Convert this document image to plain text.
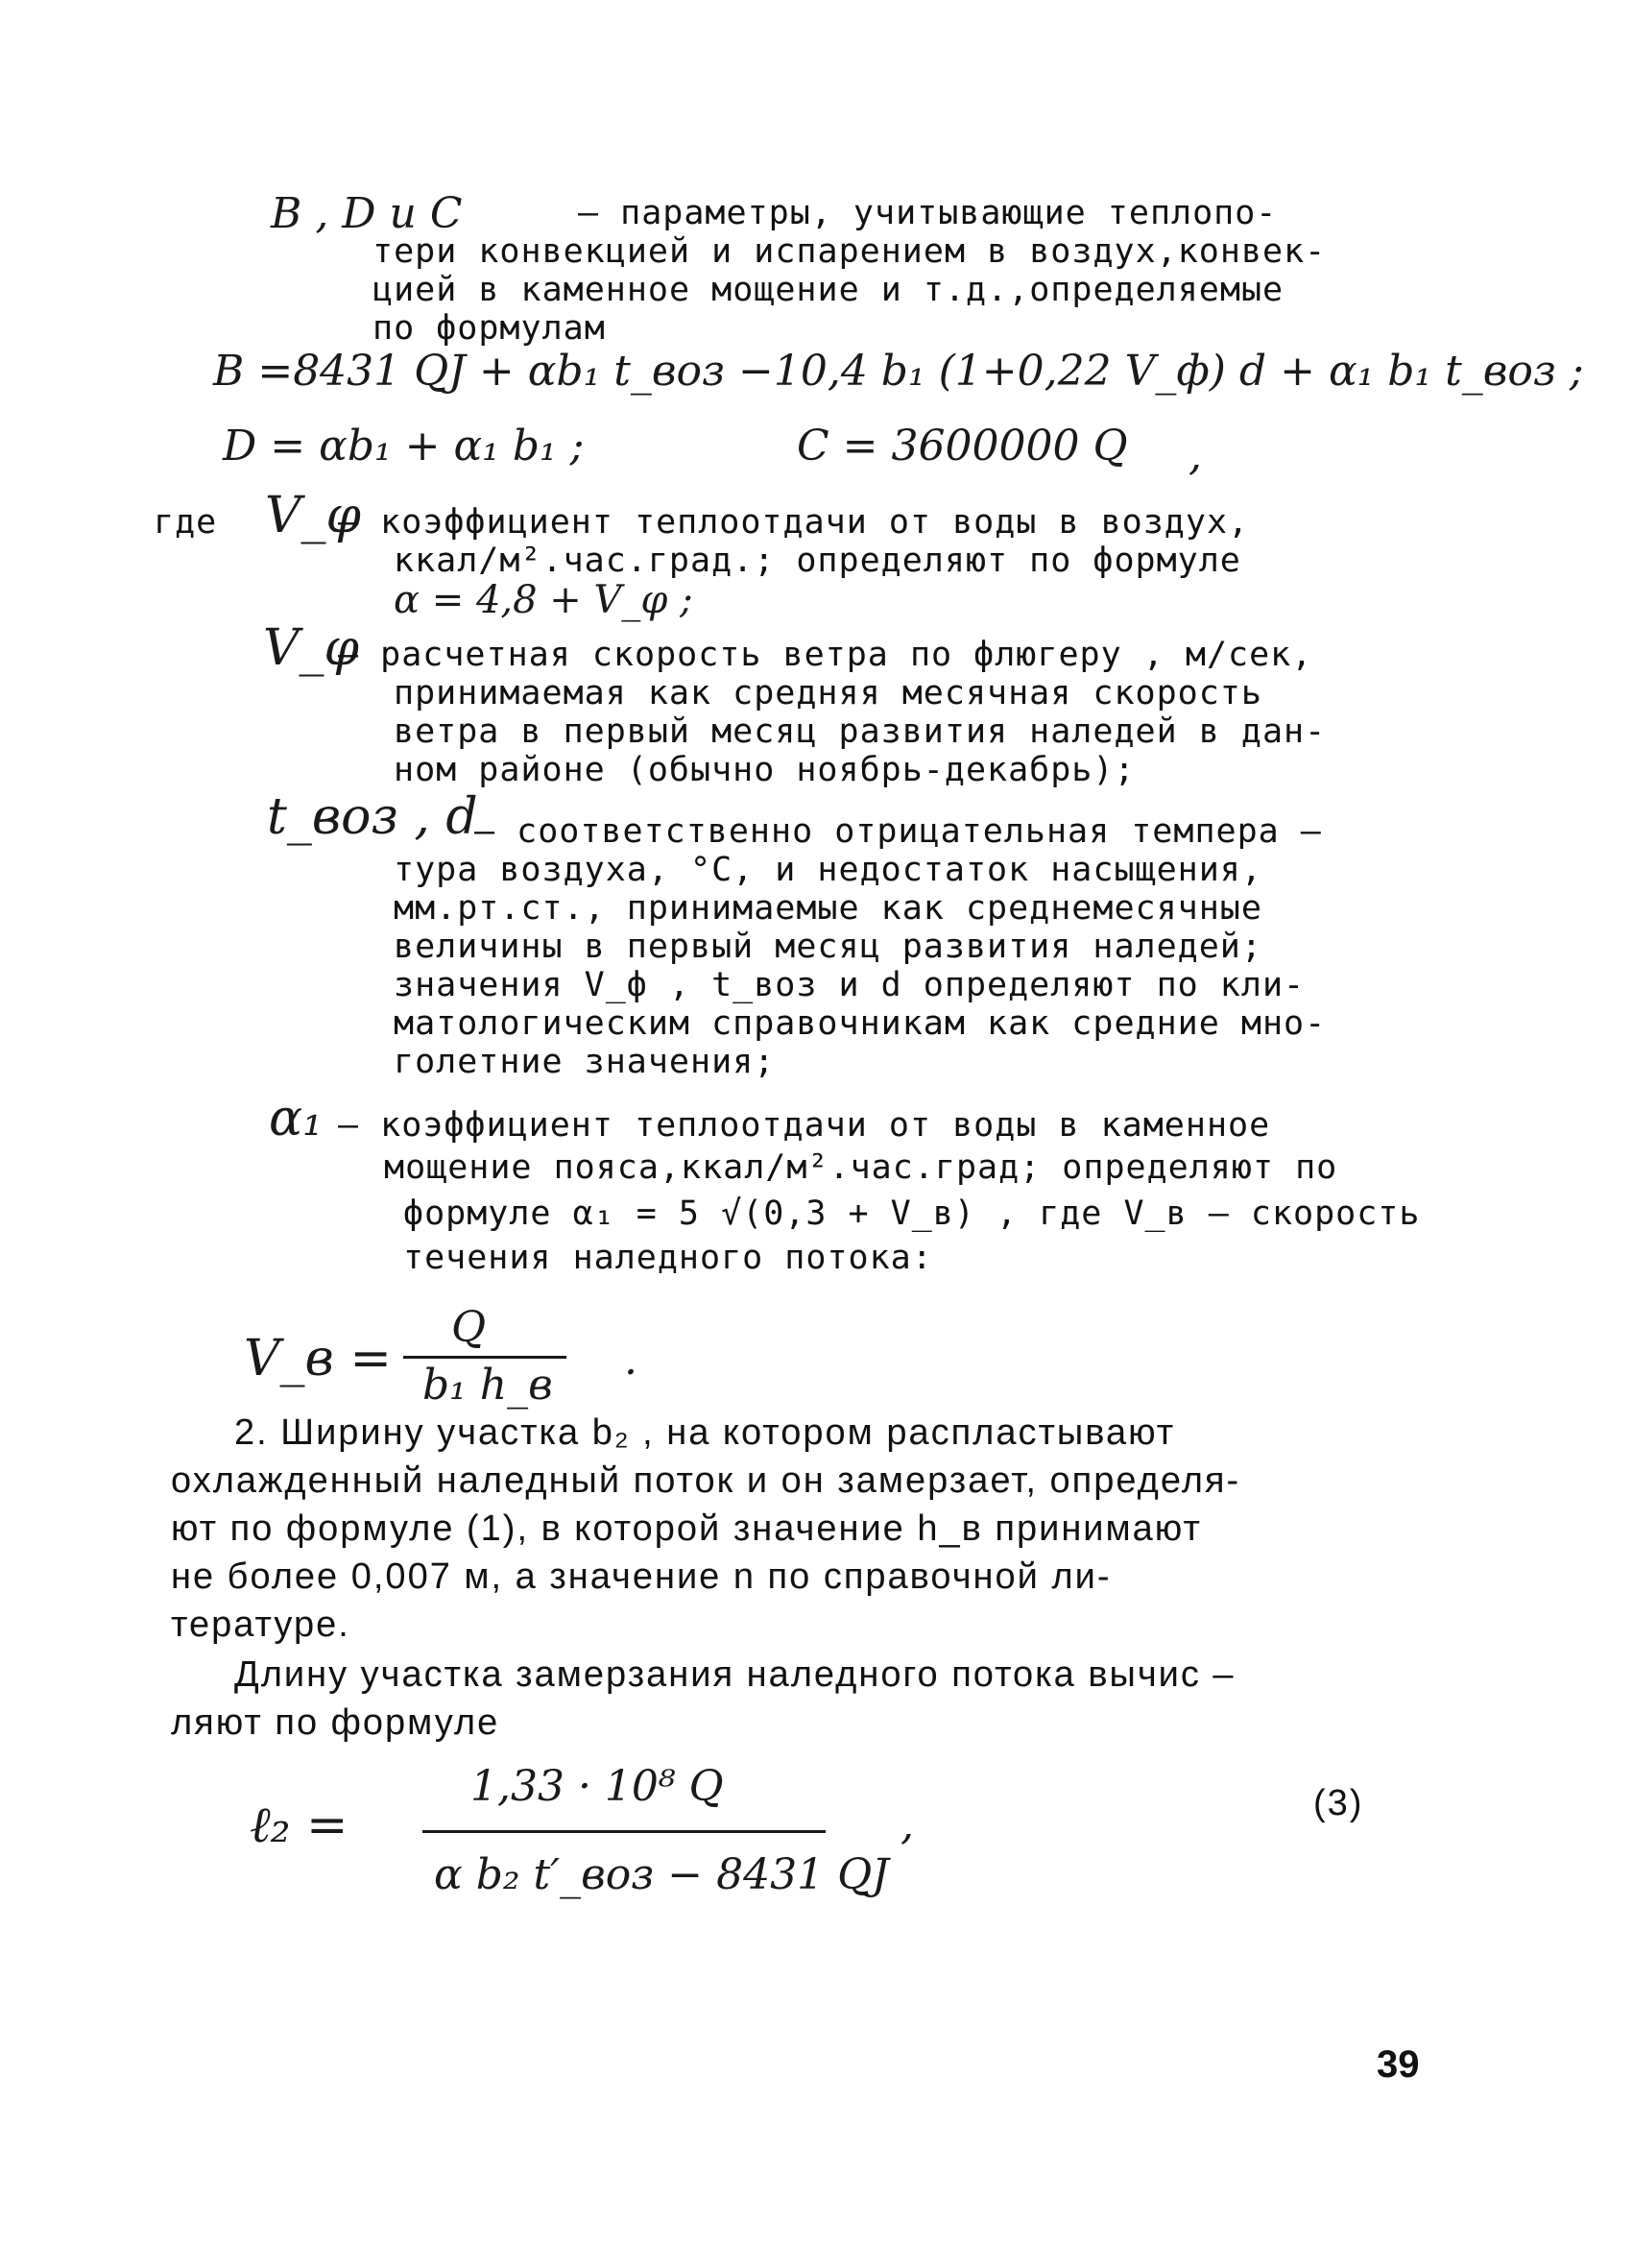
B , D и C	– параметры, учитывающие теплопо-
тери конвекцией и испарением в воздух,конвек-
цией в каменное мощение и т.д.,определяемые
по формулам
B =8431 QJ + αb₁ t_воз −10,4 b₁ (1+0,22 V_ф) d + α₁ b₁ t_воз ;
D = αb₁ + α₁ b₁ ;	C = 3600000 Q ,
где V_φ
– коэффициент теплоотдачи от воды в воздух,
ккал/м².час.град.; определяют по формуле
α = 4,8 + V_φ ;
V_φ
– расчетная скорость ветра по флюгеру , м/сек,
принимаемая как средняя месячная скорость
ветра в первый месяц развития наледей в дан-
ном районе (обычно ноябрь-декабрь);
t_воз , d
– соответственно отрицательная темпера –
тура воздуха, °C, и недостаток насыщения,
мм.рт.ст., принимаемые как среднемесячные
величины в первый месяц развития наледей;
значения V_ф , t_воз и d определяют по кли-
матологическим справочникам как средние мно-
голетние значения;
α₁ – коэффициент теплоотдачи от воды в каменное
мощение пояса,ккал/м².час.град; определяют по
формуле α₁ = 5 √(0,3 + V_в) , где V_в – скорость
течения наледного потока:
V_в =
Q
b₁ h_в
.
2. Ширину участка b₂ , на котором распластывают
охлажденный наледный поток и он замерзает, определя-
ют по формуле (1), в которой значение h_в принимают
не более 0,007 м, а значение n по справочной ли-
тературе.
Длину участка замерзания наледного потока вычис –
ляют по формуле
ℓ₂ =
1,33 · 10⁸ Q
α b₂ t′_воз − 8431 QJ
,	(3)
39
